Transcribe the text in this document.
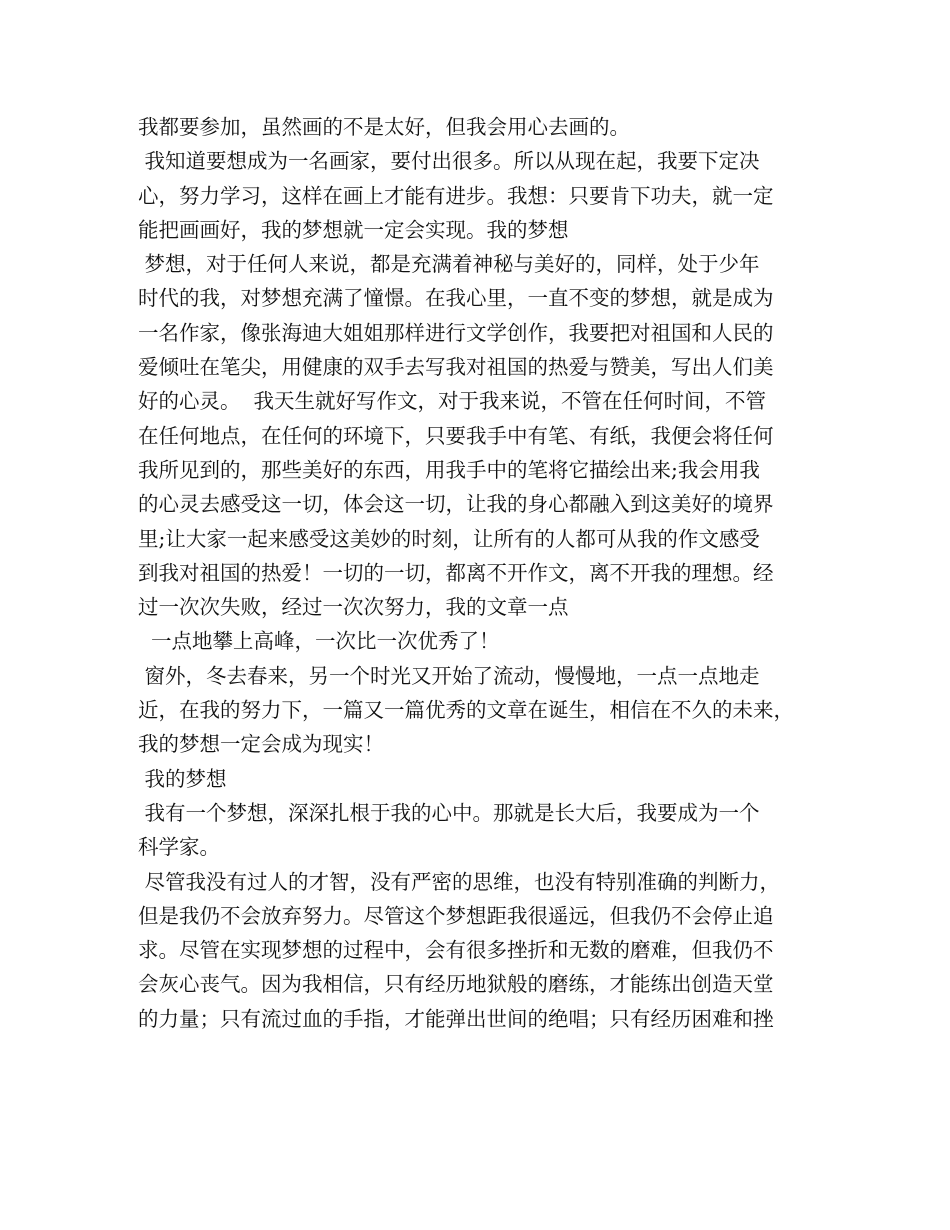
我都要参加，虽然画的不是太好，但我会用心去画的。
我知道要想成为一名画家，要付出很多。所以从现在起，我要下定决
心，努力学习，这样在画上才能有进步。我想：只要肯下功夫，就一定
能把画画好，我的梦想就一定会实现。我的梦想
梦想，对于任何人来说，都是充满着神秘与美好的，同样，处于少年
时代的我，对梦想充满了憧憬。在我心里，一直不变的梦想，就是成为
一名作家，像张海迪大姐姐那样进行文学创作，我要把对祖国和人民的
爱倾吐在笔尖，用健康的双手去写我对祖国的热爱与赞美，写出人们美
好的心灵。  我天生就好写作文，对于我来说，不管在任何时间，不管
在任何地点，在任何的环境下，只要我手中有笔、有纸，我便会将任何
我所见到的，那些美好的东西，用我手中的笔将它描绘出来;我会用我
的心灵去感受这一切，体会这一切，让我的身心都融入到这美好的境界
里;让大家一起来感受这美妙的时刻，让所有的人都可从我的作文感受
到我对祖国的热爱！一切的一切，都离不开作文，离不开我的理想。经
过一次次失败，经过一次次努力，我的文章一点
一点地攀上高峰，一次比一次优秀了！
窗外，冬去春来，另一个时光又开始了流动，慢慢地，一点一点地走
近，在我的努力下，一篇又一篇优秀的文章在诞生，相信在不久的未来，
我的梦想一定会成为现实！
我的梦想
我有一个梦想，深深扎根于我的心中。那就是长大后，我要成为一个
科学家。
尽管我没有过人的才智，没有严密的思维，也没有特别准确的判断力，
但是我仍不会放弃努力。尽管这个梦想距我很遥远，但我仍不会停止追
求。尽管在实现梦想的过程中，会有很多挫折和无数的磨难，但我仍不
会灰心丧气。因为我相信，只有经历地狱般的磨练，才能练出创造天堂
的力量；只有流过血的手指，才能弹出世间的绝唱；只有经历困难和挫
